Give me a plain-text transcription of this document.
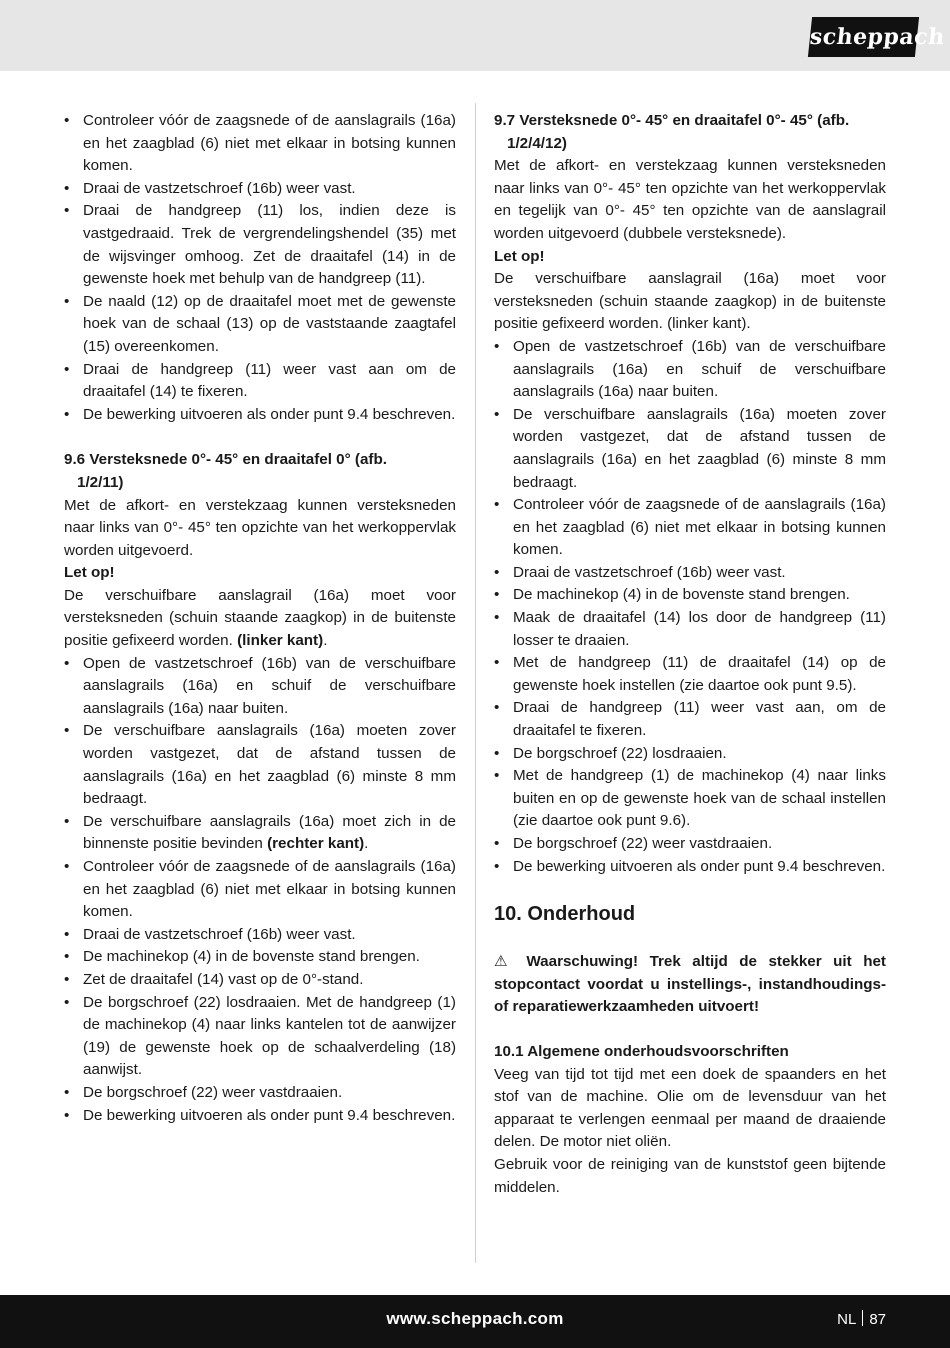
scheppach
• Controleer vóór de zaagsnede of de aanslagrails (16a) en het zaagblad (6) niet met elkaar in botsing kunnen komen.
• Draai de vastzetschroef (16b) weer vast.
• Draai de handgreep (11) los, indien deze is vastgedraaid. Trek de vergrendelingshendel (35) met de wijsvinger omhoog. Zet de draaitafel (14) in de gewenste hoek met behulp van de handgreep (11).
• De naald (12) op de draaitafel moet met de gewenste hoek van de schaal (13) op de vaststaande zaagtafel (15) overeenkomen.
• Draai de handgreep (11) weer vast aan om de draaitafel (14) te fixeren.
• De bewerking uitvoeren als onder punt 9.4 beschreven.

9.6 Versteksnede 0°- 45° en draaitafel 0° (afb.
1/2/11)

Met de afkort- en verstekzaag kunnen versteksneden naar links van 0°- 45° ten opzichte van het werkoppervlak worden uitgevoerd.

Let op!

De verschuifbare aanslagrail (16a) moet voor versteksneden (schuin staande zaagkop) in de buitenste positie gefixeerd worden. (linker kant).

• Open de vastzetschroef (16b) van de verschuifbare aanslagrails (16a) en schuif de verschuifbare aanslagrails (16a) naar buiten.
• De verschuifbare aanslagrails (16a) moeten zover worden vastgezet, dat de afstand tussen de aanslagrails (16a) en het zaagblad (6) minste 8 mm bedraagt.
• De verschuifbare aanslagrails (16a) moet zich in de binnenste positie bevinden (rechter kant).
• Controleer vóór de zaagsnede of de aanslagrails (16a) en het zaagblad (6) niet met elkaar in botsing kunnen komen.
• Draai de vastzetschroef (16b) weer vast.
• De machinekop (4) in de bovenste stand brengen.
• Zet de draaitafel (14) vast op de 0°-stand.
• De borgschroef (22) losdraaien. Met de handgreep (1) de machinekop (4) naar links kantelen tot de aanwijzer (19) de gewenste hoek op de schaalverdeling (18) aanwijst.
• De borgschroef (22) weer vastdraaien.
• De bewerking uitvoeren als onder punt 9.4 beschreven.

9.7 Versteksnede 0°- 45° en draaitafel 0°- 45° (afb.
1/2/4/12)

Met de afkort- en verstekzaag kunnen versteksneden naar links van 0°- 45° ten opzichte van het werkoppervlak en tegelijk van 0°- 45° ten opzichte van de aanslagrail worden uitgevoerd (dubbele versteksnede).

Let op!

De verschuifbare aanslagrail (16a) moet voor versteksneden (schuin staande zaagkop) in de buitenste positie gefixeerd worden. (linker kant).

• Open de vastzetschroef (16b) van de verschuifbare aanslagrails (16a) en schuif de verschuifbare aanslagrails (16a) naar buiten.
• De verschuifbare aanslagrails (16a) moeten zover worden vastgezet, dat de afstand tussen de aanslagrails (16a) en het zaagblad (6) minste 8 mm bedraagt.
• Controleer vóór de zaagsnede of de aanslagrails (16a) en het zaagblad (6) niet met elkaar in botsing kunnen komen.
• Draai de vastzetschroef (16b) weer vast.
• De machinekop (4) in de bovenste stand brengen.
• Maak de draaitafel (14) los door de handgreep (11) losser te draaien.
• Met de handgreep (11) de draaitafel (14) op de gewenste hoek instellen (zie daartoe ook punt 9.5).
• Draai de handgreep (11) weer vast aan, om de draaitafel te fixeren.
• De borgschroef (22) losdraaien.
• Met de handgreep (1) de machinekop (4) naar links buiten en op de gewenste hoek van de schaal instellen (zie daartoe ook punt 9.6).
• De borgschroef (22) weer vastdraaien.
• De bewerking uitvoeren als onder punt 9.4 beschreven.

10. Onderhoud

⚠ Waarschuwing! Trek altijd de stekker uit het stopcontact voordat u instellings-, instandhoudings- of reparatiewerkzaamheden uitvoert!

10.1 Algemene onderhoudsvoorschriften

Veeg van tijd tot tijd met een doek de spaanders en het stof van de machine. Olie om de levensduur van het apparaat te verlengen eenmaal per maand de draaiende delen. De motor niet oliën.

Gebruik voor de reiniging van de kunststof geen bijtende middelen.

www.scheppach.com	NL 87
